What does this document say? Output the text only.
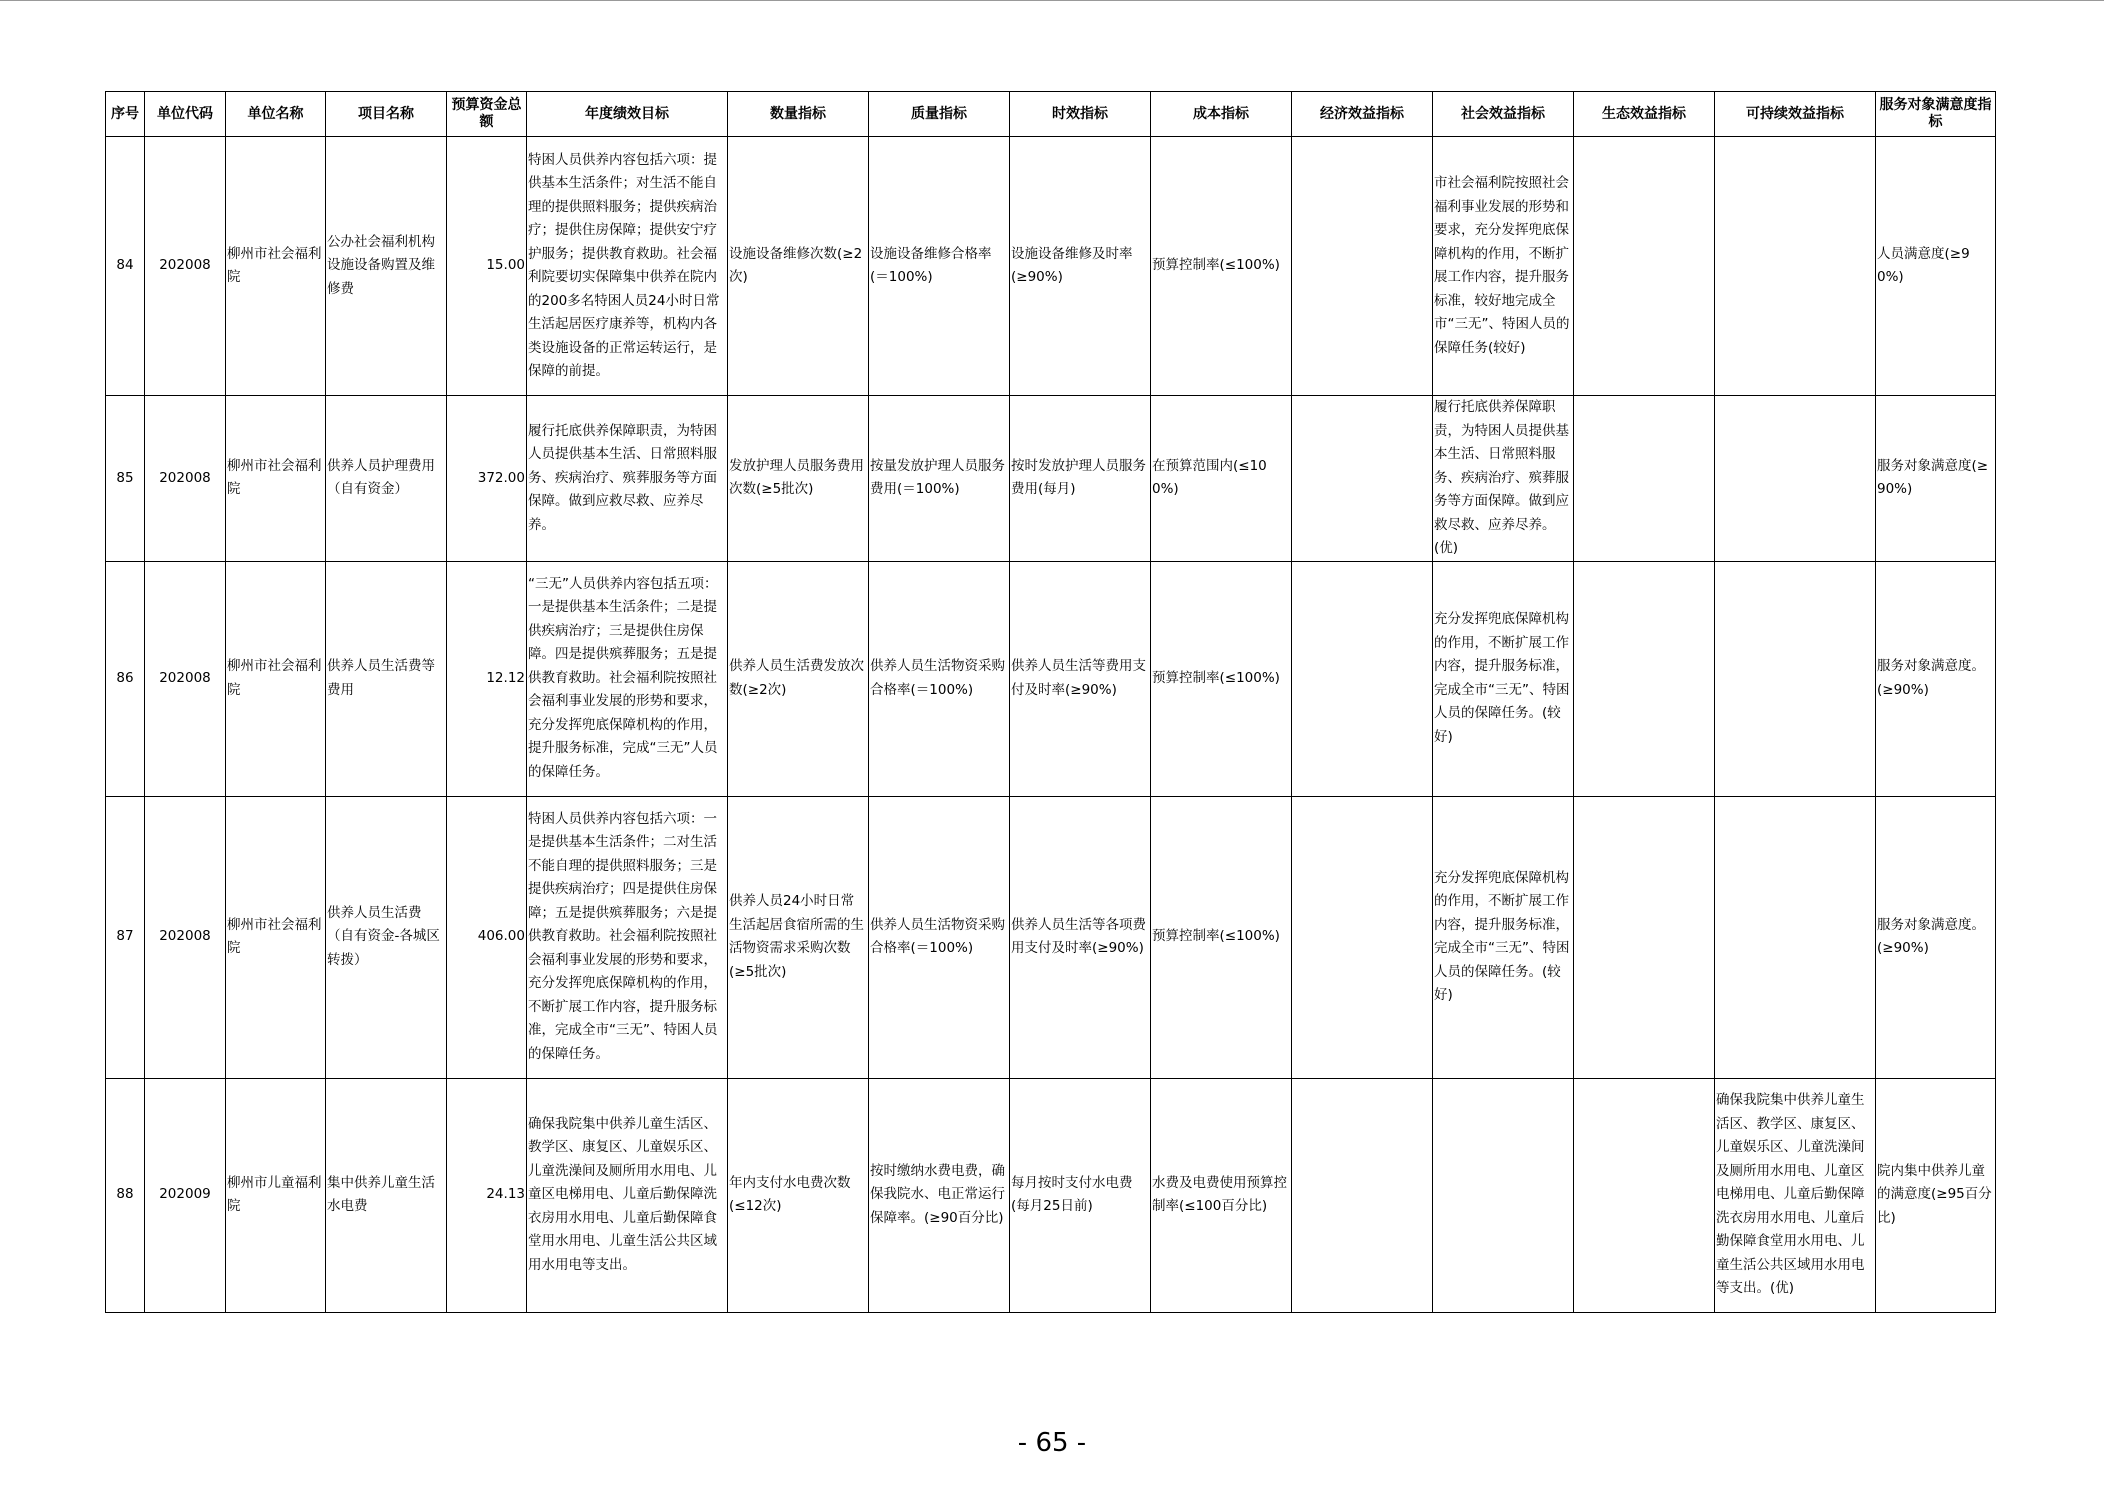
序号	单位代码	单位名称	项目名称	预算资金总额	年度绩效目标	数量指标	质量指标	时效指标	成本指标	经济效益指标	社会效益指标	生态效益指标	可持续效益指标	服务对象满意度指标

84	202008	柳州市社会福利院	公办社会福利机构设施设备购置及维修费	15.00	特困人员供养内容包括六项：提供基本生活条件；对生活不能自理的提供照料服务；提供疾病治疗；提供住房保障；提供安宁疗护服务；提供教育救助。社会福利院要切实保障集中供养在院内的200多名特困人员24小时日常生活起居医疗康养等，机构内各类设施设备的正常运转运行，是保障的前提。	设施设备维修次数(≥2次)	设施设备维修合格率(＝100%)	设施设备维修及时率(≥90%)	预算控制率(≤100%)		市社会福利院按照社会福利事业发展的形势和要求，充分发挥兜底保障机构的作用，不断扩展工作内容，提升服务标准，较好地完成全市“三无”、特困人员的保障任务(较好)			人员满意度(≥90%)

85	202008	柳州市社会福利院	供养人员护理费用（自有资金）	372.00	履行托底供养保障职责，为特困人员提供基本生活、日常照料服务、疾病治疗、殡葬服务等方面保障。做到应救尽救、应养尽养。	发放护理人员服务费用次数(≥5批次)	按量发放护理人员服务费用(＝100%)	按时发放护理人员服务费用(每月)	在预算范围内(≤100%)		履行托底供养保障职责，为特困人员提供基本生活、日常照料服务、疾病治疗、殡葬服务等方面保障。做到应救尽救、应养尽养。(优)			服务对象满意度(≥90%)

86	202008	柳州市社会福利院	供养人员生活费等费用	12.12	“三无”人员供养内容包括五项：一是提供基本生活条件；二是提供疾病治疗；三是提供住房保障。四是提供殡葬服务；五是提供教育救助。社会福利院按照社会福利事业发展的形势和要求，充分发挥兜底保障机构的作用，提升服务标准，完成“三无”人员的保障任务。	供养人员生活费发放次数(≥2次)	供养人员生活物资采购合格率(＝100%)	供养人员生活等费用支付及时率(≥90%)	预算控制率(≤100%)		充分发挥兜底保障机构的作用，不断扩展工作内容，提升服务标准，完成全市“三无”、特困人员的保障任务。(较好)			服务对象满意度。(≥90%)

87	202008	柳州市社会福利院	供养人员生活费（自有资金-各城区转拨）	406.00	特困人员供养内容包括六项：一是提供基本生活条件；二对生活不能自理的提供照料服务；三是提供疾病治疗；四是提供住房保障；五是提供殡葬服务；六是提供教育救助。社会福利院按照社会福利事业发展的形势和要求，充分发挥兜底保障机构的作用，不断扩展工作内容，提升服务标准，完成全市“三无”、特困人员的保障任务。	供养人员24小时日常生活起居食宿所需的生活物资需求采购次数(≥5批次)	供养人员生活物资采购合格率(＝100%)	供养人员生活等各项费用支付及时率(≥90%)	预算控制率(≤100%)		充分发挥兜底保障机构的作用，不断扩展工作内容，提升服务标准，完成全市“三无”、特困人员的保障任务。(较好)			服务对象满意度。(≥90%)

88	202009	柳州市儿童福利院	集中供养儿童生活水电费	24.13	确保我院集中供养儿童生活区、教学区、康复区、儿童娱乐区、儿童洗澡间及厕所用水用电、儿童区电梯用电、儿童后勤保障洗衣房用水用电、儿童后勤保障食堂用水用电、儿童生活公共区域用水用电等支出。	年内支付水电费次数(≤12次)	按时缴纳水费电费，确保我院水、电正常运行保障率。(≥90百分比)	每月按时支付水电费(每月25日前)	水费及电费使用预算控制率(≤100百分比)				确保我院集中供养儿童生活区、教学区、康复区、儿童娱乐区、儿童洗澡间及厕所用水用电、儿童区电梯用电、儿童后勤保障洗衣房用水用电、儿童后勤保障食堂用水用电、儿童生活公共区域用水用电等支出。(优)	院内集中供养儿童的满意度(≥95百分比)
- 65 -
